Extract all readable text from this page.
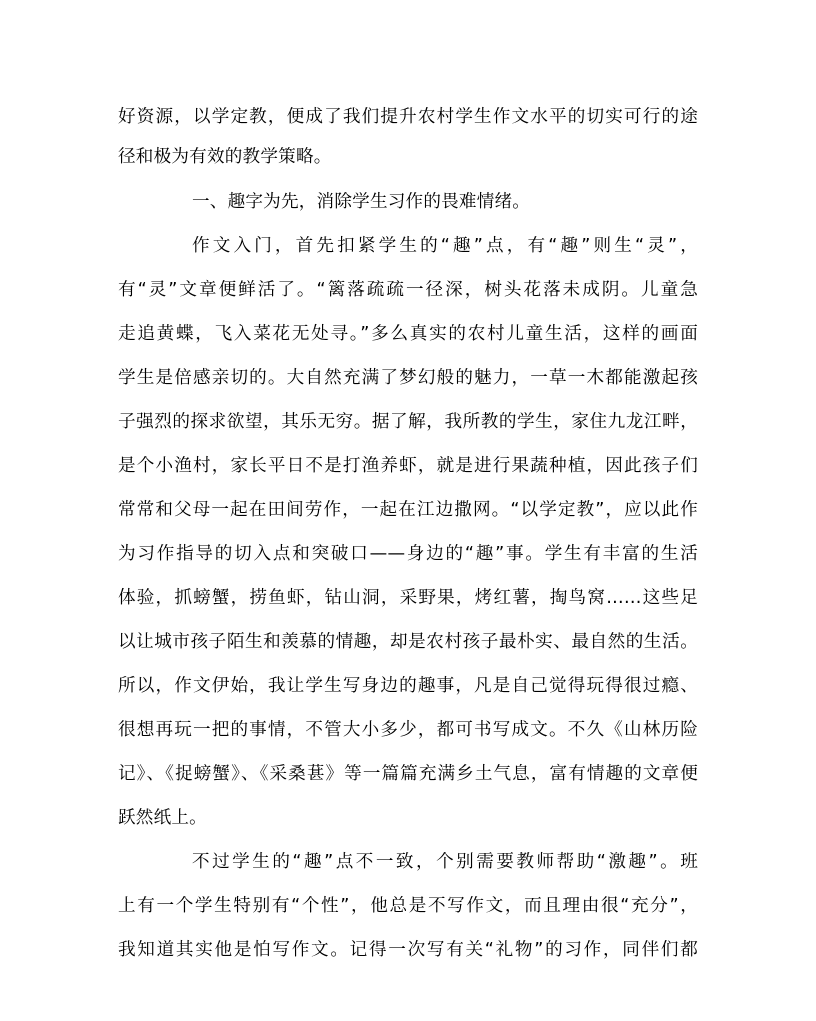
好资源，以学定教，便成了我们提升农村学生作文水平的切实可行的途
径和极为有效的教学策略。
一、趣字为先，消除学生习作的畏难情绪。
作文入门，首先扣紧学生的“趣”点，有“趣”则生“灵”，
有“灵”文章便鲜活了。“篱落疏疏一径深，树头花落未成阴。儿童急
走追黄蝶，飞入菜花无处寻。”多么真实的农村儿童生活，这样的画面
学生是倍感亲切的。大自然充满了梦幻般的魅力，一草一木都能激起孩
子强烈的探求欲望，其乐无穷。据了解，我所教的学生，家住九龙江畔，
是个小渔村，家长平日不是打渔养虾，就是进行果蔬种植，因此孩子们
常常和父母一起在田间劳作，一起在江边撒网。“以学定教”，应以此作
为习作指导的切入点和突破口——身边的“趣”事。学生有丰富的生活
体验，抓螃蟹，捞鱼虾，钻山洞，采野果，烤红薯，掏鸟窝……这些足
以让城市孩子陌生和羡慕的情趣，却是农村孩子最朴实、最自然的生活。
所以，作文伊始，我让学生写身边的趣事，凡是自己觉得玩得很过瘾、
很想再玩一把的事情，不管大小多少，都可书写成文。不久《山林历险
记》、《捉螃蟹》、《采桑葚》等一篇篇充满乡土气息，富有情趣的文章便
跃然纸上。
不过学生的“趣”点不一致，个别需要教师帮助“激趣”。班
上有一个学生特别有“个性”，他总是不写作文，而且理由很“充分”，
我知道其实他是怕写作文。记得一次写有关“礼物”的习作，同伴们都
